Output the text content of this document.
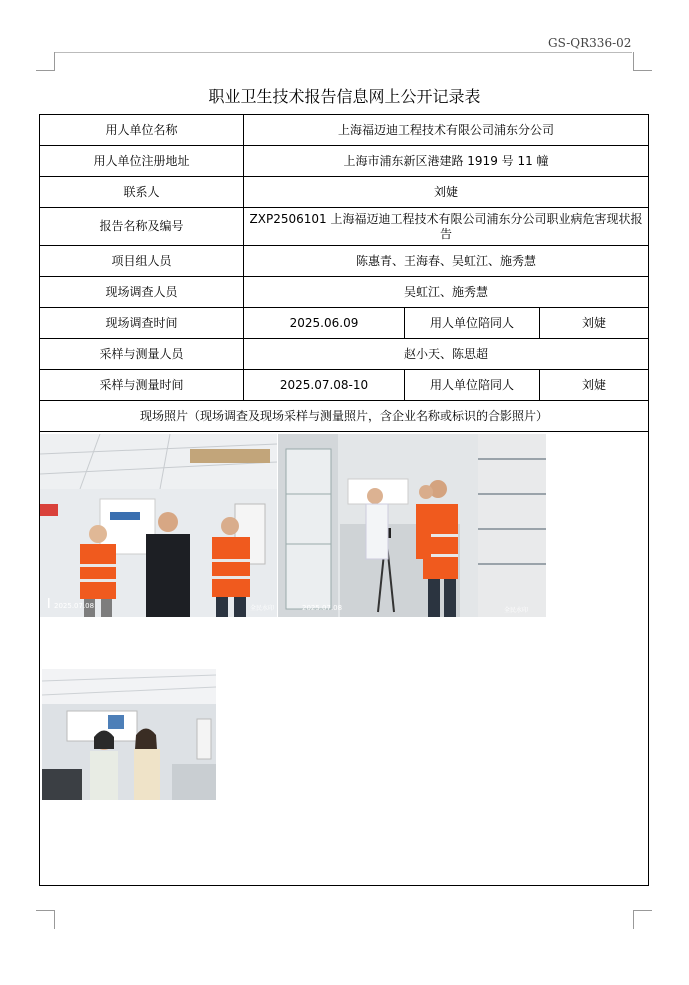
GS-QR336-02
职业卫生技术报告信息网上公开记录表
用人单位名称	上海福迈迪工程技术有限公司浦东分公司		
用人单位注册地址	上海市浦东新区港建路 1919 号 11 幢		
联系人	刘婕		
报告名称及编号	ZXP2506101 上海福迈迪工程技术有限公司浦东分公司职业病危害现状报告		
项目组人员	陈惠青、王海春、吴虹江、施秀慧		
现场调查人员	吴虹江、施秀慧		
现场调查时间	2025.06.09	用人单位陪同人	刘婕
采样与测量人员	赵小天、陈思超		
采样与测量时间	2025.07.08-10	用人单位陪同人	刘婕
现场照片（现场调查及现场采样与测量照片，含企业名称或标识的合影照片）			

2025.07.08 全民水印 2025.07.08 全民水印			
